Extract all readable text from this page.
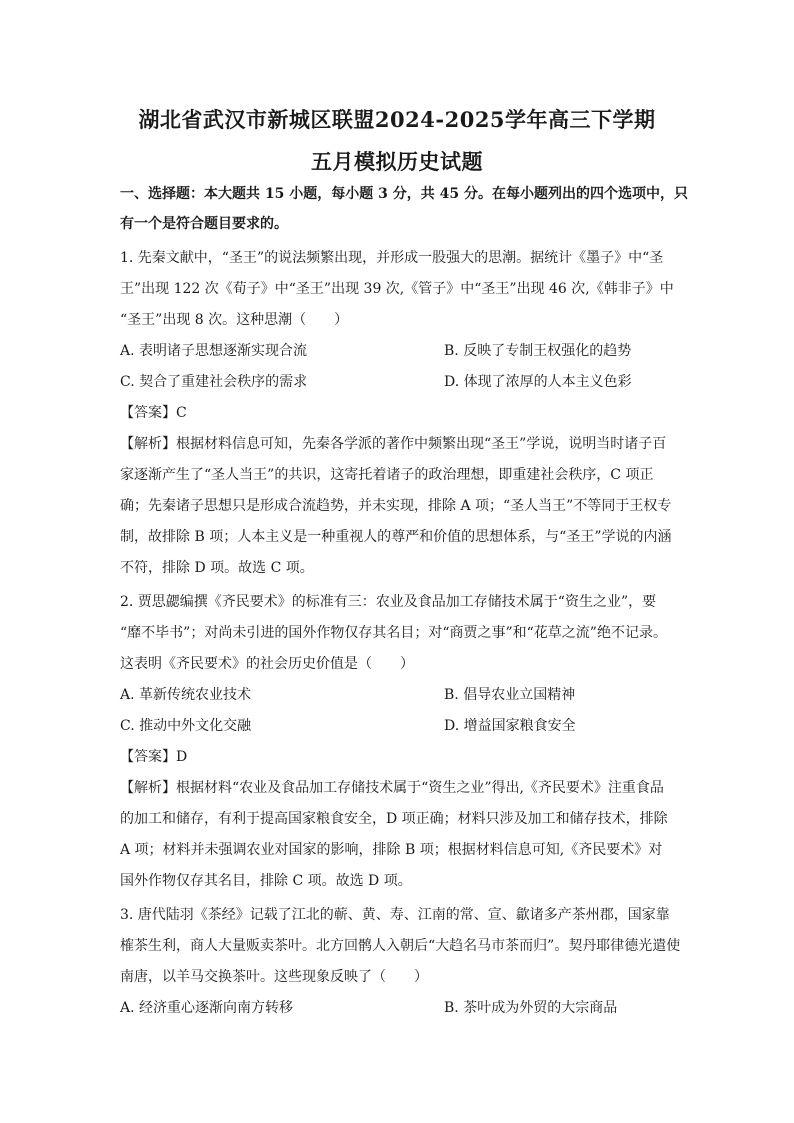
湖北省武汉市新城区联盟2024-2025学年高三下学期
五月模拟历史试题
一、选择题：本大题共 15 小题，每小题 3 分，共 45 分。在每小题列出的四个选项中，只
有一个是符合题目要求的。
1. 先秦文献中，“圣王”的说法频繁出现，并形成一股强大的思潮。据统计《墨子》中“圣
王”出现 122 次《荀子》中“圣王”出现 39 次,《管子》中“圣王”出现 46 次,《韩非子》中
“圣王”出现 8 次。这种思潮（　　）
A. 表明诸子思想逐渐实现合流	B. 反映了专制王权强化的趋势
C. 契合了重建社会秩序的需求	D. 体现了浓厚的人本主义色彩
【答案】C
【解析】根据材料信息可知，先秦各学派的著作中频繁出现“圣王”学说，说明当时诸子百
家逐渐产生了“圣人当王”的共识，这寄托着诸子的政治理想，即重建社会秩序，C 项正
确；先秦诸子思想只是形成合流趋势，并未实现，排除 A 项；“圣人当王”不等同于王权专
制，故排除 B 项；人本主义是一种重视人的尊严和价值的思想体系，与“圣王”学说的内涵
不符，排除 D 项。故选 C 项。
2. 贾思勰编撰《齐民要术》的标准有三：农业及食品加工存储技术属于“资生之业”，要
“靡不毕书”；对尚未引进的国外作物仅存其名目；对“商贾之事”和“花草之流”绝不记录。
这表明《齐民要术》的社会历史价值是（　　）
A. 革新传统农业技术	B. 倡导农业立国精神
C. 推动中外文化交融	D. 增益国家粮食安全
【答案】D
【解析】根据材料“农业及食品加工存储技术属于“资生之业”得出,《齐民要术》注重食品
的加工和储存，有利于提高国家粮食安全，D 项正确；材料只涉及加工和储存技术，排除
A 项；材料并未强调农业对国家的影响，排除 B 项；根据材料信息可知,《齐民要术》对
国外作物仅存其名目，排除 C 项。故选 D 项。
3. 唐代陆羽《茶经》记载了江北的蕲、黄、寿、江南的常、宣、歙诸多产茶州郡，国家靠
榷茶生利，商人大量贩卖茶叶。北方回鹘人入朝后“大趋名马市茶而归”。契丹耶律德光遣使
南唐，以羊马交换茶叶。这些现象反映了（　　）
A. 经济重心逐渐向南方转移	B. 茶叶成为外贸的大宗商品
